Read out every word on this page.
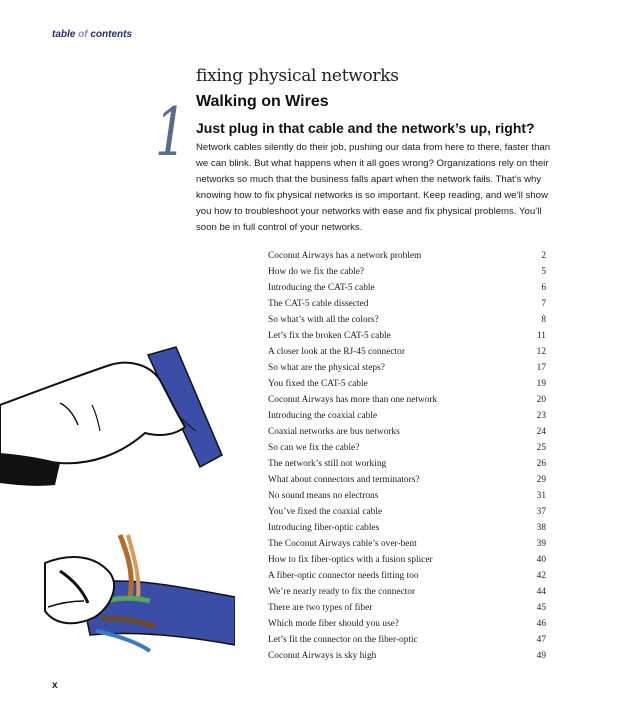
table of contents
1
fixing physical networks
Walking on Wires
Just plug in that cable and the network’s up, right?

Network cables silently do their job, pushing our data from here to there, faster than we can blink. But what happens when it all goes wrong? Organizations rely on their networks so much that the business falls apart when the network fails. That’s why knowing how to fix physical networks is so important. Keep reading, and we’ll show you how to troubleshoot your networks with ease and fix physical problems. You’ll soon be in full control of your networks.

Coconut Airways has a network problem	2
How do we fix the cable?	5
Introducing the CAT-5 cable	6
The CAT-5 cable dissected	7
So what’s with all the colors?	8
Let’s fix the broken CAT-5 cable	11
A closer look at the RJ-45 connector	12
So what are the physical steps?	17
You fixed the CAT-5 cable	19
Coconut Airways has more than one network	20
Introducing the coaxial cable	23
Coaxial networks are bus networks	24
So can we fix the cable?	25
The network’s still not working	26
What about connectors and terminators?	29
No sound means no electrons	31
You’ve fixed the coaxial cable	37
Introducing fiber-optic cables	38
The Coconut Airways cable’s over-bent	39
How to fix fiber-optics with a fusion splicer	40
A fiber-optic connector needs fitting too	42
We’re nearly ready to fix the connector	44
There are two types of fiber	45
Which mode fiber should you use?	46
Let’s fit the connector on the fiber-optic	47
Coconut Airways is sky high	49
x
